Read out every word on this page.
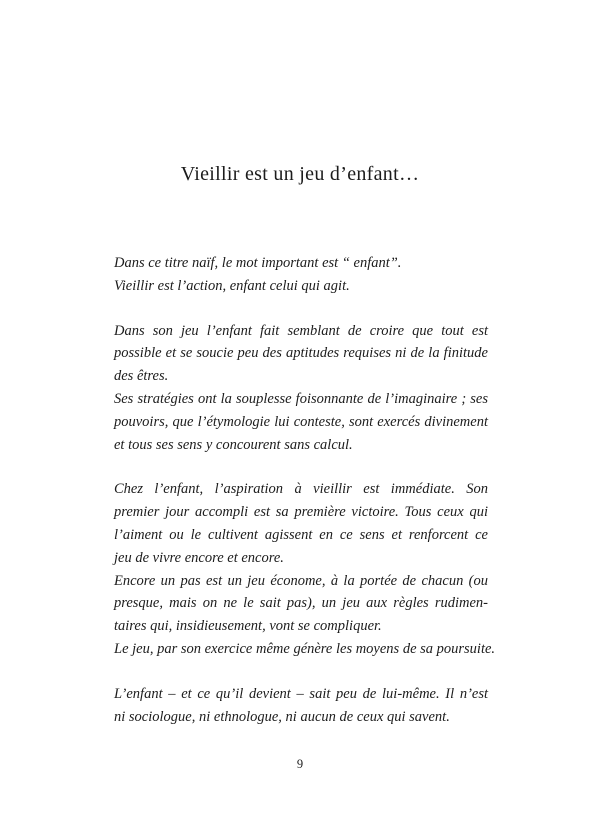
Vieillir est un jeu d’enfant…
Dans ce titre naïf, le mot important est “ enfant”.
Vieillir est l’action, enfant celui qui agit.
Dans son jeu l’enfant fait semblant de croire que tout est
possible et se soucie peu des aptitudes requises ni de la finitude
des êtres.
Ses stratégies ont la souplesse foisonnante de l’imaginaire ; ses
pouvoirs, que l’étymologie lui conteste, sont exercés divinement
et tous ses sens y concourent sans calcul.
Chez l’enfant, l’aspiration à vieillir est immédiate. Son
premier jour accompli est sa première victoire. Tous ceux qui
l’aiment ou le cultivent agissent en ce sens et renforcent ce
jeu de vivre encore et encore.
Encore un pas est un jeu économe, à la portée de chacun (ou
presque, mais on ne le sait pas), un jeu aux règles rudimen-
taires qui, insidieusement, vont se compliquer.
Le jeu, par son exercice même génère les moyens de sa poursuite.
L’enfant – et ce qu’il devient – sait peu de lui-même. Il n’est
ni sociologue, ni ethnologue, ni aucun de ceux qui savent.
9
